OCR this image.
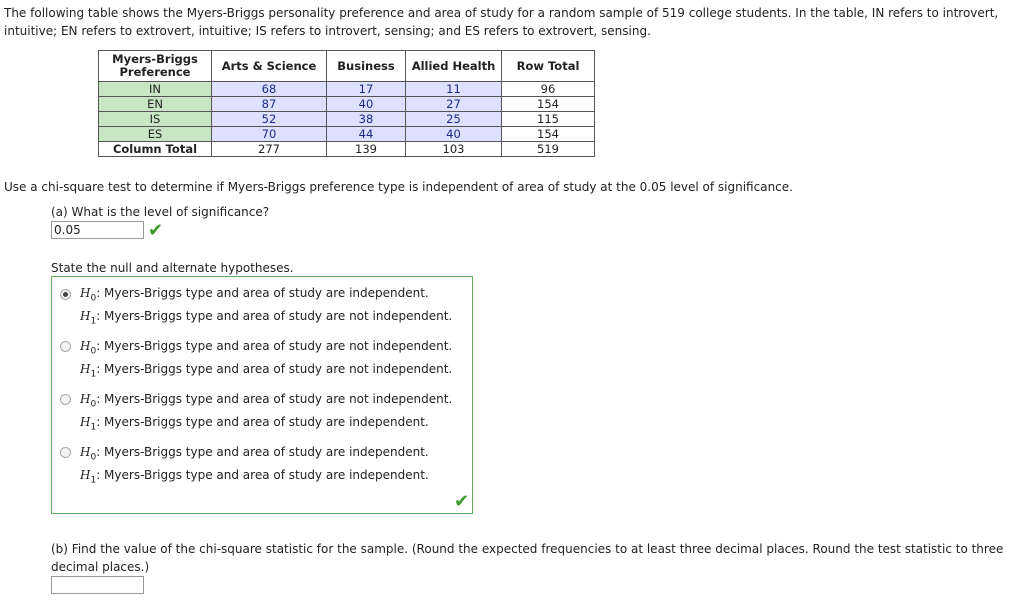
The following table shows the Myers-Briggs personality preference and area of study for a random sample of 519 college students. In the table, IN refers to introvert, intuitive; EN refers to extrovert, intuitive; IS refers to introvert, sensing; and ES refers to extrovert, sensing.
Myers-Briggs Preference	Arts & Science	Business	Allied Health	Row Total
IN	68	17	11	96
EN	87	40	27	154
IS	52	38	25	115
ES	70	44	40	154
Column Total	277	139	103	519
Use a chi-square test to determine if Myers-Briggs preference type is independent of area of study at the 0.05 level of significance.
(a) What is the level of significance?
0.05	✔
State the null and alternate hypotheses.
$H_0$: Myers-Briggs type and area of study are independent.
$H_1$: Myers-Briggs type and area of study are not independent.
$H_0$: Myers-Briggs type and area of study are not independent.
$H_1$: Myers-Briggs type and area of study are not independent.
$H_0$: Myers-Briggs type and area of study are not independent.
$H_1$: Myers-Briggs type and area of study are independent.
$H_0$: Myers-Briggs type and area of study are independent.
$H_1$: Myers-Briggs type and area of study are independent.
✔
(b) Find the value of the chi-square statistic for the sample. (Round the expected frequencies to at least three decimal places. Round the test statistic to three decimal places.)
